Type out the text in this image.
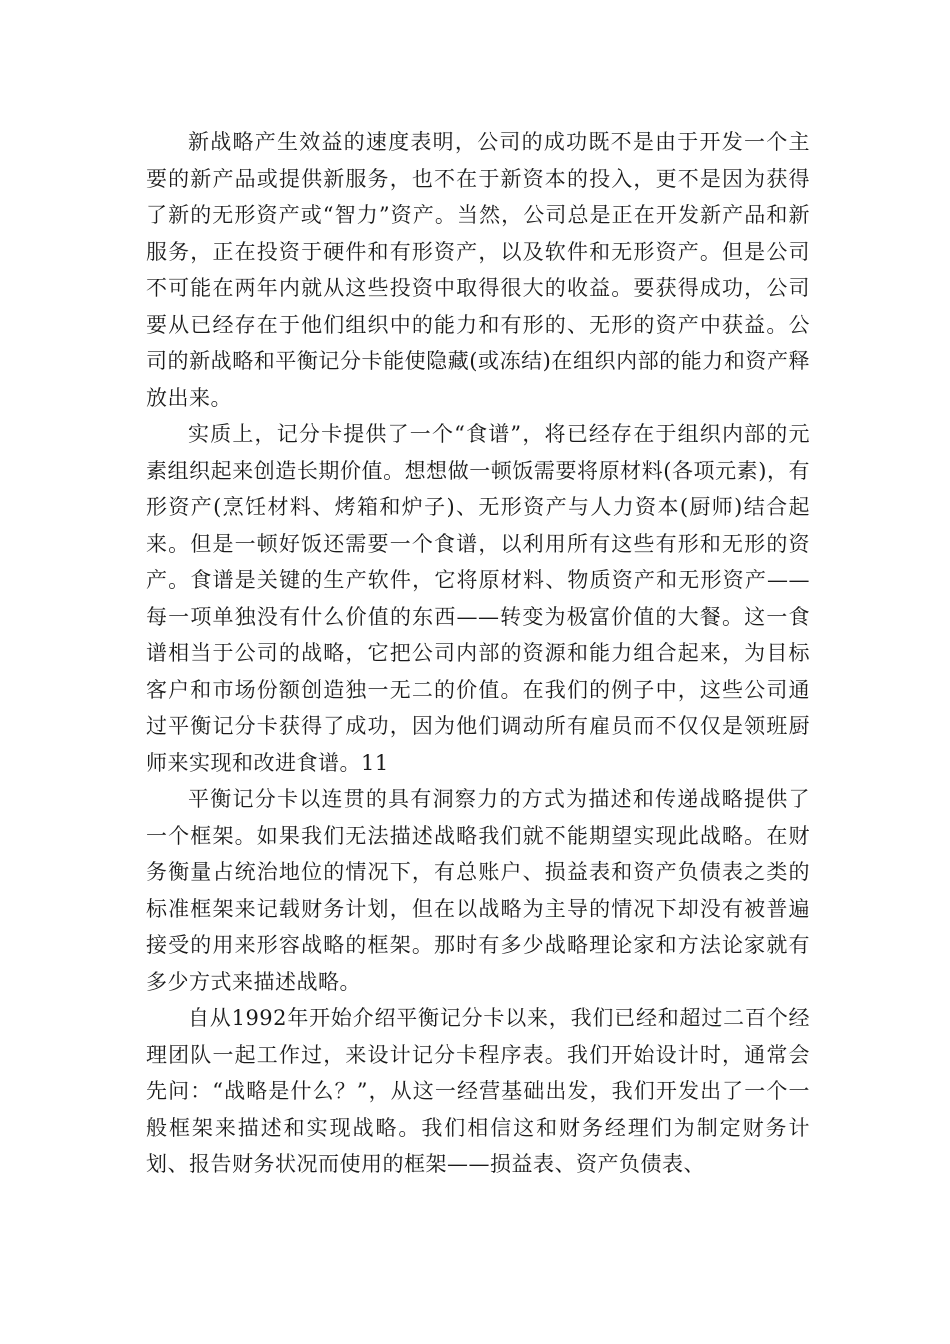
新战略产生效益的速度表明，公司的成功既不是由于开发一个主要的新产品或提供新服务，也不在于新资本的投入，更不是因为获得了新的无形资产或“智力”资产。当然，公司总是正在开发新产品和新服务，正在投资于硬件和有形资产，以及软件和无形资产。但是公司不可能在两年内就从这些投资中取得很大的收益。要获得成功，公司要从已经存在于他们组织中的能力和有形的、无形的资产中获益。公司的新战略和平衡记分卡能使隐藏(或冻结)在组织内部的能力和资产释放出来。

实质上，记分卡提供了一个“食谱”，将已经存在于组织内部的元素组织起来创造长期价值。想想做一顿饭需要将原材料(各项元素)，有形资产(烹饪材料、烤箱和炉子)、无形资产与人力资本(厨师)结合起来。但是一顿好饭还需要一个食谱，以利用所有这些有形和无形的资产。食谱是关键的生产软件，它将原材料、物质资产和无形资产——每一项单独没有什么价值的东西——转变为极富价值的大餐。这一食谱相当于公司的战略，它把公司内部的资源和能力组合起来，为目标客户和市场份额创造独一无二的价值。在我们的例子中，这些公司通过平衡记分卡获得了成功，因为他们调动所有雇员而不仅仅是领班厨师来实现和改进食谱。11

平衡记分卡以连贯的具有洞察力的方式为描述和传递战略提供了一个框架。如果我们无法描述战略我们就不能期望实现此战略。在财务衡量占统治地位的情况下，有总账户、损益表和资产负债表之类的标准框架来记载财务计划，但在以战略为主导的情况下却没有被普遍接受的用来形容战略的框架。那时有多少战略理论家和方法论家就有多少方式来描述战略。

自从1992年开始介绍平衡记分卡以来，我们已经和超过二百个经理团队一起工作过，来设计记分卡程序表。我们开始设计时，通常会先问：“战略是什么？”，从这一经营基础出发，我们开发出了一个一般框架来描述和实现战略。我们相信这和财务经理们为制定财务计划、报告财务状况而使用的框架——损益表、资产负债表、
